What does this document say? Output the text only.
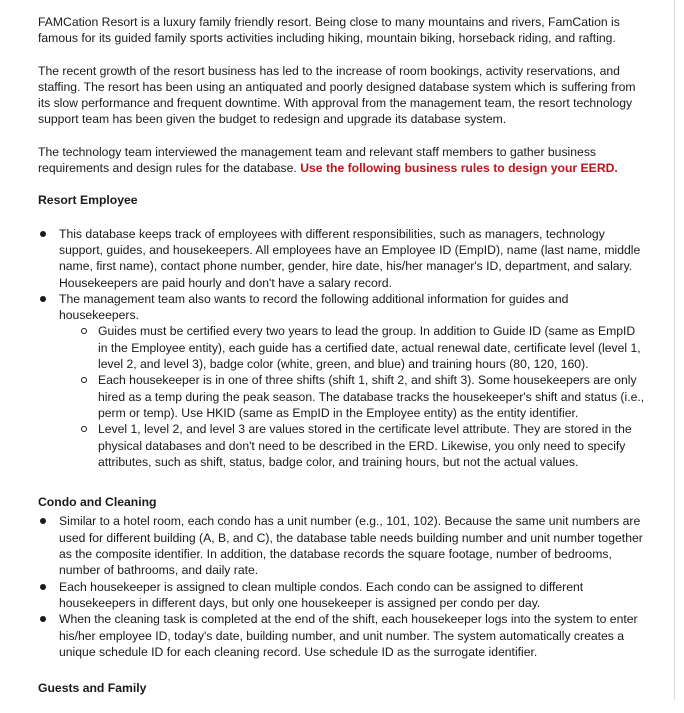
FAMCation Resort is a luxury family friendly resort. Being close to many mountains and rivers, FamCation is famous for its guided family sports activities including hiking, mountain biking, horseback riding, and rafting.

The recent growth of the resort business has led to the increase of room bookings, activity reservations, and staffing. The resort has been using an antiquated and poorly designed database system which is suffering from its slow performance and frequent downtime. With approval from the management team, the resort technology support team has been given the budget to redesign and upgrade its database system.

The technology team interviewed the management team and relevant staff members to gather business requirements and design rules for the database. Use the following business rules to design your EERD.

Resort Employee

This database keeps track of employees with different responsibilities, such as managers, technology support, guides, and housekeepers. All employees have an Employee ID (EmpID), name (last name, middle name, first name), contact phone number, gender, hire date, his/her manager's ID, department, and salary. Housekeepers are paid hourly and don't have a salary record.
The management team also wants to record the following additional information for guides and housekeepers.
Guides must be certified every two years to lead the group. In addition to Guide ID (same as EmpID in the Employee entity), each guide has a certified date, actual renewal date, certificate level (level 1, level 2, and level 3), badge color (white, green, and blue) and training hours (80, 120, 160).
Each housekeeper is in one of three shifts (shift 1, shift 2, and shift 3). Some housekeepers are only hired as a temp during the peak season. The database tracks the housekeeper's shift and status (i.e., perm or temp). Use HKID (same as EmpID in the Employee entity) as the entity identifier.
Level 1, level 2, and level 3 are values stored in the certificate level attribute. They are stored in the physical databases and don't need to be described in the ERD. Likewise, you only need to specify attributes, such as shift, status, badge color, and training hours, but not the actual values.

Condo and Cleaning

Similar to a hotel room, each condo has a unit number (e.g., 101, 102). Because the same unit numbers are used for different building (A, B, and C), the database table needs building number and unit number together as the composite identifier. In addition, the database records the square footage, number of bedrooms, number of bathrooms, and daily rate.
Each housekeeper is assigned to clean multiple condos. Each condo can be assigned to different housekeepers in different days, but only one housekeeper is assigned per condo per day.
When the cleaning task is completed at the end of the shift, each housekeeper logs into the system to enter his/her employee ID, today's date, building number, and unit number. The system automatically creates a unique schedule ID for each cleaning record. Use schedule ID as the surrogate identifier.

Guests and Family
